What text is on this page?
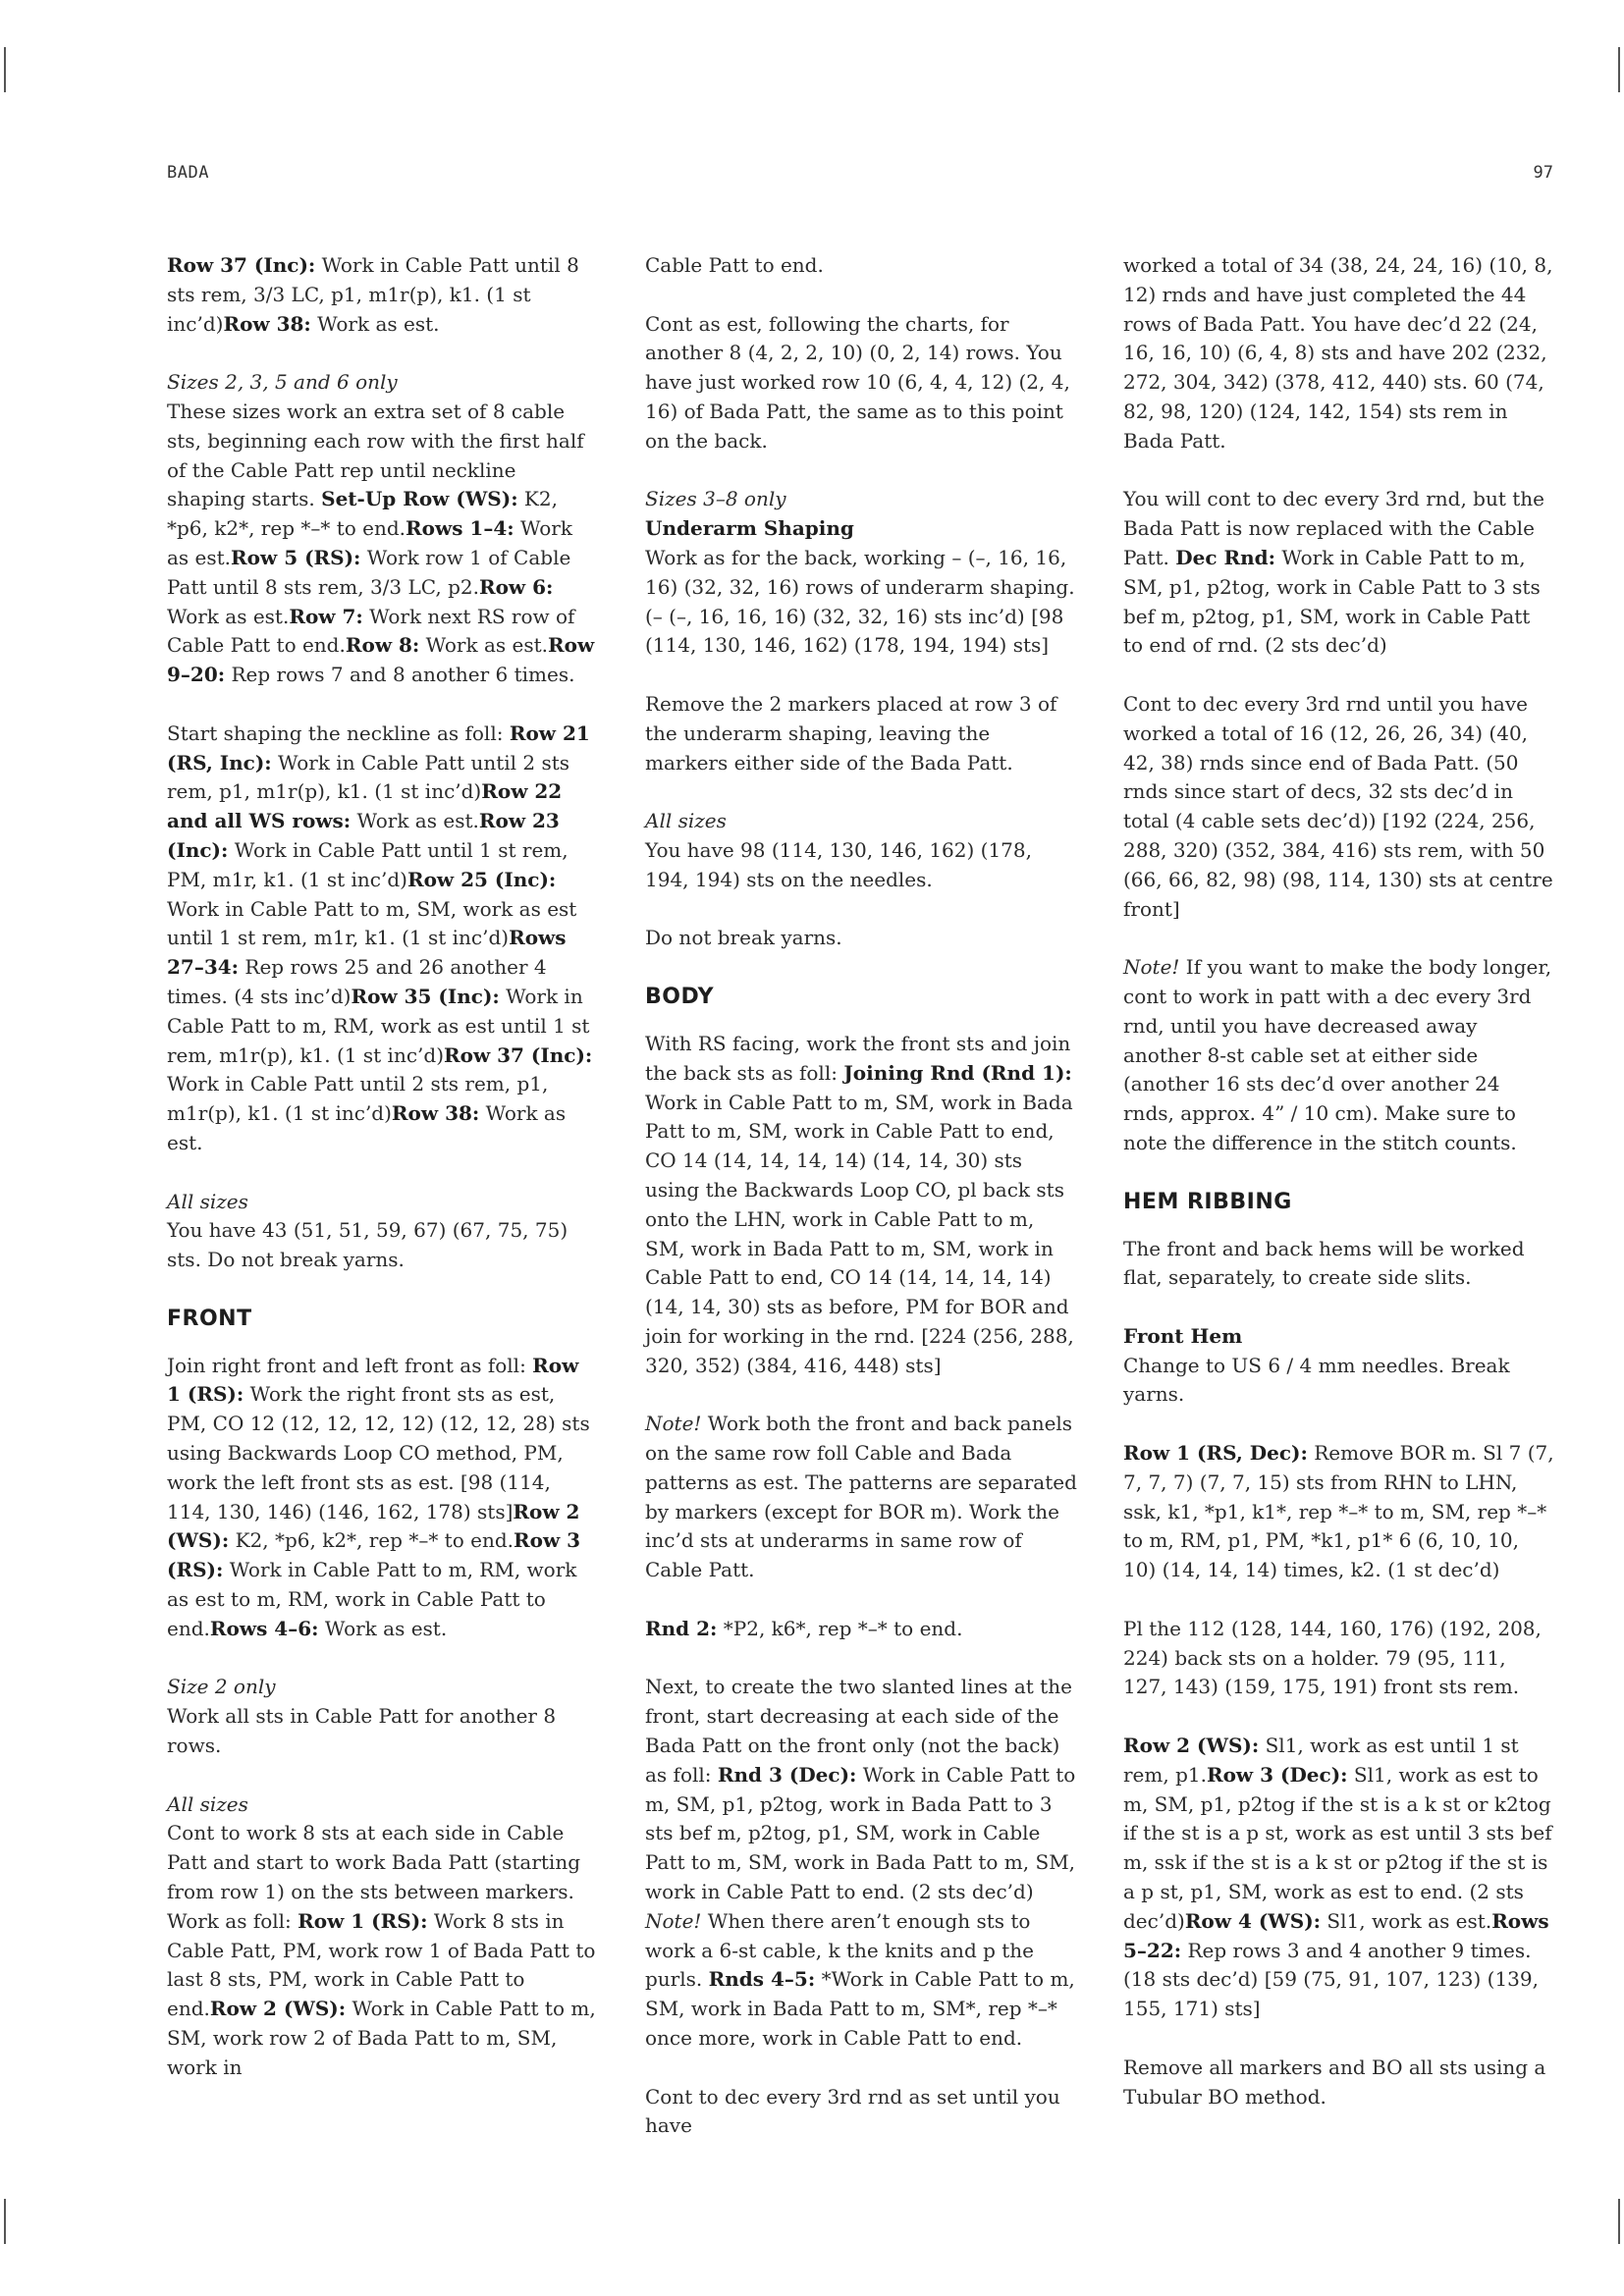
BADA	97

Row 37 (Inc): Work in Cable Patt until 8 sts rem, 3/3 LC, p1, m1r(p), k1. (1 st inc’d)Row 38: Work as est.

Sizes 2, 3, 5 and 6 only
These sizes work an extra set of 8 cable sts, beginning each row with the first half of the Cable Patt rep until neckline shaping starts. Set-Up Row (WS): K2, *p6, k2*, rep *–* to end.Rows 1–4: Work as est.Row 5 (RS): Work row 1 of Cable Patt until 8 sts rem, 3/3 LC, p2.Row 6: Work as est.Row 7: Work next RS row of Cable Patt to end.Row 8: Work as est.Row 9–20: Rep rows 7 and 8 another 6 times.

Start shaping the neckline as foll: Row 21 (RS, Inc): Work in Cable Patt until 2 sts rem, p1, m1r(p), k1. (1 st inc’d)Row 22 and all WS rows: Work as est.Row 23 (Inc): Work in Cable Patt until 1 st rem, PM, m1r, k1. (1 st inc’d)Row 25 (Inc): Work in Cable Patt to m, SM, work as est until 1 st rem, m1r, k1. (1 st inc’d)Rows 27–34: Rep rows 25 and 26 another 4 times. (4 sts inc’d)Row 35 (Inc): Work in Cable Patt to m, RM, work as est until 1 st rem, m1r(p), k1. (1 st inc’d)Row 37 (Inc): Work in Cable Patt until 2 sts rem, p1, m1r(p), k1. (1 st inc’d)Row 38: Work as est.

All sizes
You have 43 (51, 51, 59, 67) (67, 75, 75) sts. Do not break yarns.

FRONT

Join right front and left front as foll: Row 1 (RS): Work the right front sts as est, PM, CO 12 (12, 12, 12, 12) (12, 12, 28) sts using Backwards Loop CO method, PM, work the left front sts as est. [98 (114, 114, 130, 146) (146, 162, 178) sts]Row 2 (WS): K2, *p6, k2*, rep *–* to end.Row 3 (RS): Work in Cable Patt to m, RM, work as est to m, RM, work in Cable Patt to end.Rows 4–6: Work as est.

Size 2 only
Work all sts in Cable Patt for another 8 rows.

All sizes
Cont to work 8 sts at each side in Cable Patt and start to work Bada Patt (starting from row 1) on the sts between markers. Work as foll: Row 1 (RS): Work 8 sts in Cable Patt, PM, work row 1 of Bada Patt to last 8 sts, PM, work in Cable Patt to end.Row 2 (WS): Work in Cable Patt to m, SM, work row 2 of Bada Patt to m, SM, work in

Cable Patt to end.

Cont as est, following the charts, for another 8 (4, 2, 2, 10) (0, 2, 14) rows. You have just worked row 10 (6, 4, 4, 12) (2, 4, 16) of Bada Patt, the same as to this point on the back.

Sizes 3–8 only
Underarm Shaping
Work as for the back, working – (–, 16, 16, 16) (32, 32, 16) rows of underarm shaping. (– (–, 16, 16, 16) (32, 32, 16) sts inc’d) [98 (114, 130, 146, 162) (178, 194, 194) sts]

Remove the 2 markers placed at row 3 of the underarm shaping, leaving the markers either side of the Bada Patt.

All sizes
You have 98 (114, 130, 146, 162) (178, 194, 194) sts on the needles.

Do not break yarns.

BODY

With RS facing, work the front sts and join the back sts as foll: Joining Rnd (Rnd 1): Work in Cable Patt to m, SM, work in Bada Patt to m, SM, work in Cable Patt to end, CO 14 (14, 14, 14, 14) (14, 14, 30) sts using the Backwards Loop CO, pl back sts onto the LHN, work in Cable Patt to m, SM, work in Bada Patt to m, SM, work in Cable Patt to end, CO 14 (14, 14, 14, 14) (14, 14, 30) sts as before, PM for BOR and join for working in the rnd. [224 (256, 288, 320, 352) (384, 416, 448) sts]

Note! Work both the front and back panels on the same row foll Cable and Bada patterns as est. The patterns are separated by markers (except for BOR m). Work the inc’d sts at underarms in same row of Cable Patt.

Rnd 2: *P2, k6*, rep *–* to end.

Next, to create the two slanted lines at the front, start decreasing at each side of the Bada Patt on the front only (not the back) as foll: Rnd 3 (Dec): Work in Cable Patt to m, SM, p1, p2tog, work in Bada Patt to 3 sts bef m, p2tog, p1, SM, work in Cable Patt to m, SM, work in Bada Patt to m, SM, work in Cable Patt to end. (2 sts dec’d) Note! When there aren’t enough sts to work a 6-st cable, k the knits and p the purls. Rnds 4–5: *Work in Cable Patt to m, SM, work in Bada Patt to m, SM*, rep *–* once more, work in Cable Patt to end.

Cont to dec every 3rd rnd as set until you have

worked a total of 34 (38, 24, 24, 16) (10, 8, 12) rnds and have just completed the 44 rows of Bada Patt. You have dec’d 22 (24, 16, 16, 10) (6, 4, 8) sts and have 202 (232, 272, 304, 342) (378, 412, 440) sts. 60 (74, 82, 98, 120) (124, 142, 154) sts rem in Bada Patt.

You will cont to dec every 3rd rnd, but the Bada Patt is now replaced with the Cable Patt. Dec Rnd: Work in Cable Patt to m, SM, p1, p2tog, work in Cable Patt to 3 sts bef m, p2tog, p1, SM, work in Cable Patt to end of rnd. (2 sts dec’d)

Cont to dec every 3rd rnd until you have worked a total of 16 (12, 26, 26, 34) (40, 42, 38) rnds since end of Bada Patt. (50 rnds since start of decs, 32 sts dec’d in total (4 cable sets dec’d)) [192 (224, 256, 288, 320) (352, 384, 416) sts rem, with 50 (66, 66, 82, 98) (98, 114, 130) sts at centre front]

Note! If you want to make the body longer, cont to work in patt with a dec every 3rd rnd, until you have decreased away another 8-st cable set at either side (another 16 sts dec’d over another 24 rnds, approx. 4” / 10 cm). Make sure to note the difference in the stitch counts.

HEM RIBBING

The front and back hems will be worked flat, separately, to create side slits.

Front Hem
Change to US 6 / 4 mm needles. Break yarns.

Row 1 (RS, Dec): Remove BOR m. Sl 7 (7, 7, 7, 7) (7, 7, 15) sts from RHN to LHN, ssk, k1, *p1, k1*, rep *–* to m, SM, rep *–* to m, RM, p1, PM, *k1, p1* 6 (6, 10, 10, 10) (14, 14, 14) times, k2. (1 st dec’d)

Pl the 112 (128, 144, 160, 176) (192, 208, 224) back sts on a holder. 79 (95, 111, 127, 143) (159, 175, 191) front sts rem.

Row 2 (WS): Sl1, work as est until 1 st rem, p1.Row 3 (Dec): Sl1, work as est to m, SM, p1, p2tog if the st is a k st or k2tog if the st is a p st, work as est until 3 sts bef m, ssk if the st is a k st or p2tog if the st is a p st, p1, SM, work as est to end. (2 sts dec’d)Row 4 (WS): Sl1, work as est.Rows 5–22: Rep rows 3 and 4 another 9 times. (18 sts dec’d) [59 (75, 91, 107, 123) (139, 155, 171) sts]

Remove all markers and BO all sts using a Tubular BO method.
